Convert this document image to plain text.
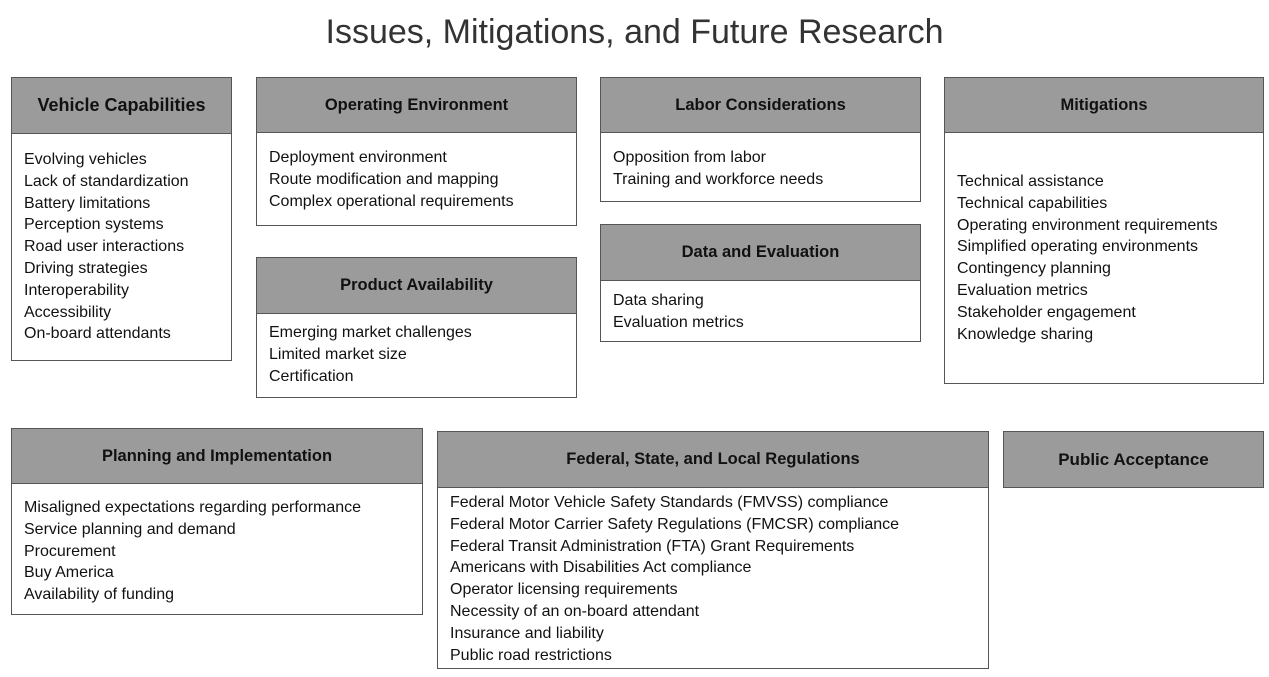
Issues, Mitigations, and Future Research
Vehicle Capabilities
Evolving vehicles
Lack of standardization
Battery limitations
Perception systems
Road user interactions
Driving strategies
Interoperability
Accessibility
On-board attendants
Operating Environment
Deployment environment
Route modification and mapping
Complex operational requirements
Product Availability
Emerging market challenges
Limited market size
Certification
Labor Considerations
Opposition from labor
Training and workforce needs
Data and Evaluation
Data sharing
Evaluation metrics
Mitigations
Technical assistance
Technical capabilities
Operating environment requirements
Simplified operating environments
Contingency planning
Evaluation metrics
Stakeholder engagement
Knowledge sharing
Planning and Implementation
Misaligned expectations regarding performance
Service planning and demand
Procurement
Buy America
Availability of funding
Federal, State, and Local Regulations
Federal Motor Vehicle Safety Standards (FMVSS) compliance
Federal Motor Carrier Safety Regulations (FMCSR) compliance
Federal Transit Administration (FTA) Grant Requirements
Americans with Disabilities Act compliance
Operator licensing requirements
Necessity of an on-board attendant
Insurance and liability
Public road restrictions
Public Acceptance
